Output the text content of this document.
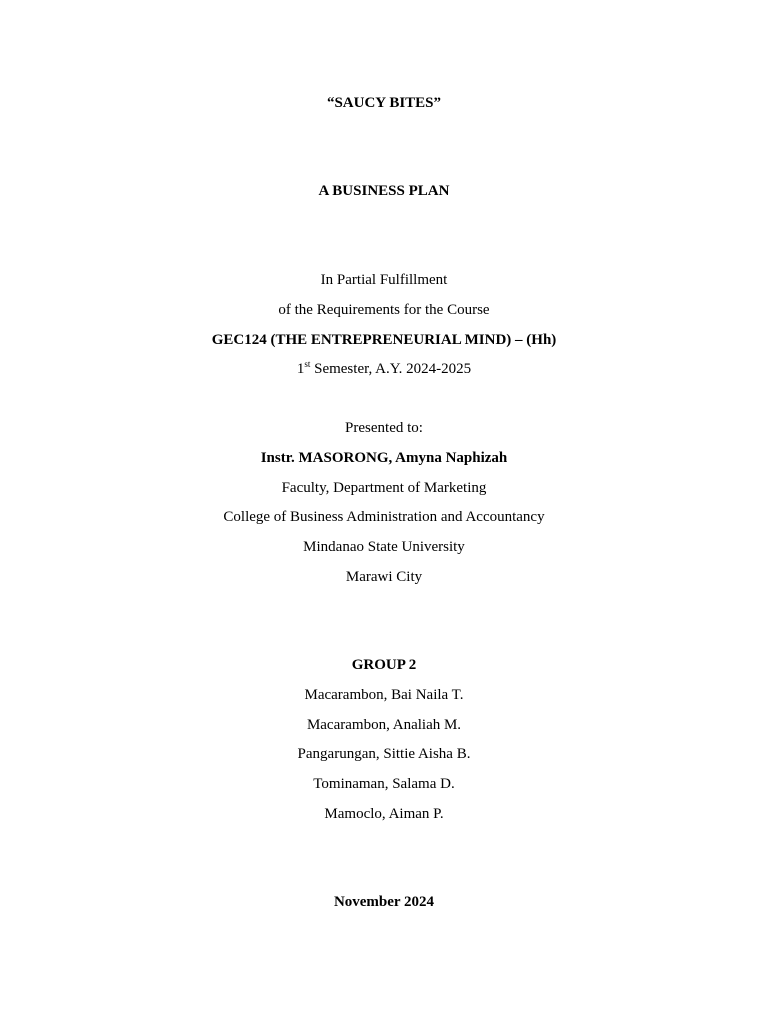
“SAUCY BITES”
A BUSINESS PLAN
In Partial Fulfillment
of the Requirements for the Course
GEC124 (THE ENTREPRENEURIAL MIND) – (Hh)
1st Semester, A.Y. 2024-2025
Presented to:
Instr. MASORONG, Amyna Naphizah
Faculty, Department of Marketing
College of Business Administration and Accountancy
Mindanao State University
Marawi City
GROUP 2
Macarambon, Bai Naila T.
Macarambon, Analiah M.
Pangarungan, Sittie Aisha B.
Tominaman, Salama D.
Mamoclo, Aiman P.
November 2024
